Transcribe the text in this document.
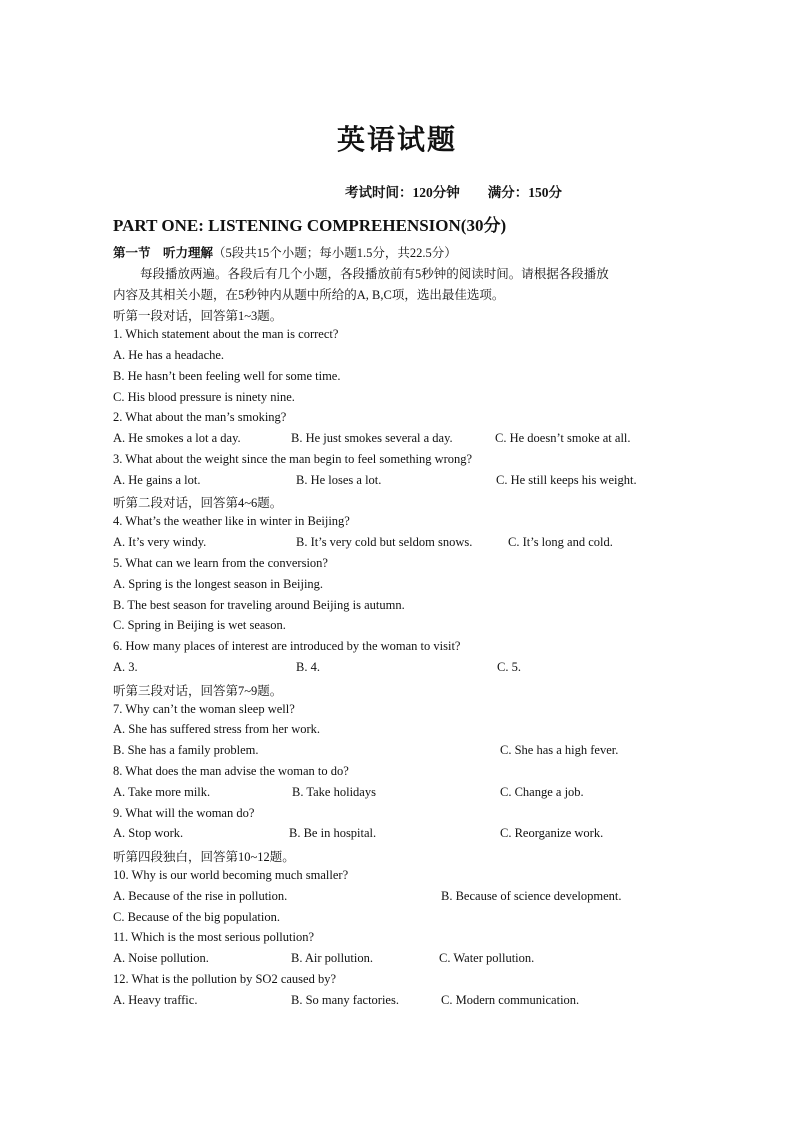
英语试题
考试时间：120分钟 满分：150分
PART ONE: LISTENING COMPREHENSION(30分)
第一节 听力理解（5段共15个小题；每小题1.5分，共22.5分）
每段播放两遍。各段后有几个小题，各段播放前有5秒钟的阅读时间。请根据各段播放
内容及其相关小题，在5秒钟内从题中所给的A, B,C项，选出最佳选项。
听第一段对话，回答第1~3题。
1. Which statement about the man is correct?
A. He has a headache.
B. He hasn’t been feeling well for some time.
C. His blood pressure is ninety nine.
2. What about the man’s smoking?
A. He smokes a lot a day.	B. He just smokes several a day.	C. He doesn’t smoke at all.
3. What about the weight since the man begin to feel something wrong?
A. He gains a lot.	B. He loses a lot.	C. He still keeps his weight.
听第二段对话，回答第4~6题。
4. What’s the weather like in winter in Beijing?
A. It’s very windy.	B. It’s very cold but seldom snows.	C. It’s long and cold.
5. What can we learn from the conversion?
A. Spring is the longest season in Beijing.
B. The best season for traveling around Beijing is autumn.
C. Spring in Beijing is wet season.
6. How many places of interest are introduced by the woman to visit?
A. 3.	B. 4.	C. 5.
听第三段对话，回答第7~9题。
7. Why can’t the woman sleep well?
A. She has suffered stress from her work.
B. She has a family problem.	C. She has a high fever.
8. What does the man advise the woman to do?
A. Take more milk.	B. Take holidays	C. Change a job.
9. What will the woman do?
A. Stop work.	B. Be in hospital.	C. Reorganize work.
听第四段独白，回答第10~12题。
10. Why is our world becoming much smaller?
A. Because of the rise in pollution.	B. Because of science development.
C. Because of the big population.
11. Which is the most serious pollution?
A. Noise pollution.	B. Air pollution.	C. Water pollution.
12. What is the pollution by SO2 caused by?
A. Heavy traffic.	B. So many factories.	C. Modern communication.
